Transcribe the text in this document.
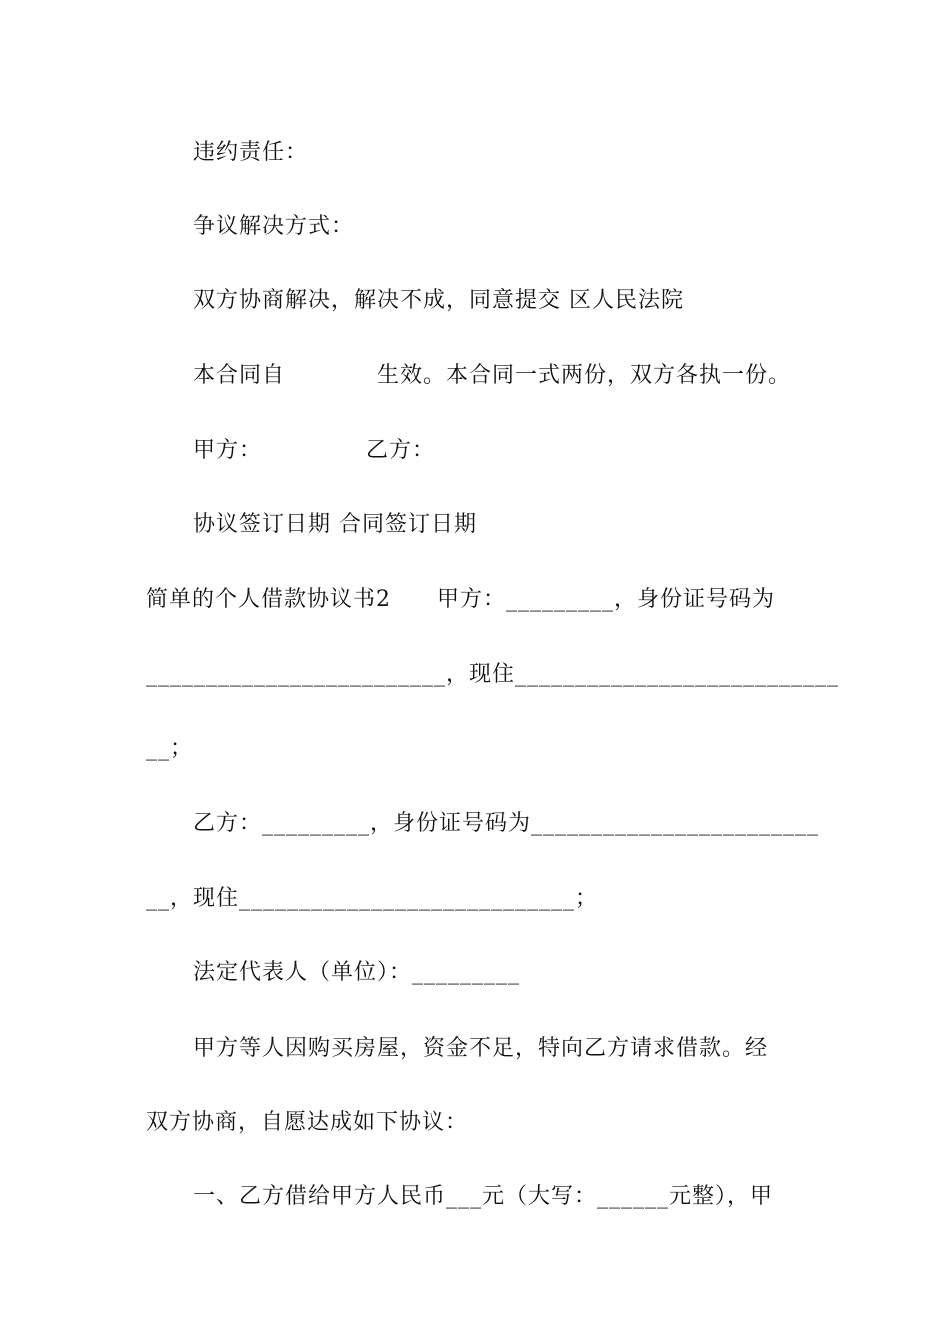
违约责任：
争议解决方式：
双方协商解决，解决不成，同意提交 区人民法院
本合同自　　　　生效。本合同一式两份，双方各执一份。
甲方：　　　　　乙方：
协议签订日期 合同签订日期
简单的个人借款协议书2　　甲方：_________，身份证号码为
_________________________，现住___________________________
__；
乙方：_________，身份证号码为________________________
__，现住____________________________；
法定代表人（单位）：_________
甲方等人因购买房屋，资金不足，特向乙方请求借款。经
双方协商，自愿达成如下协议：
一、乙方借给甲方人民币___元（大写：______元整），甲
